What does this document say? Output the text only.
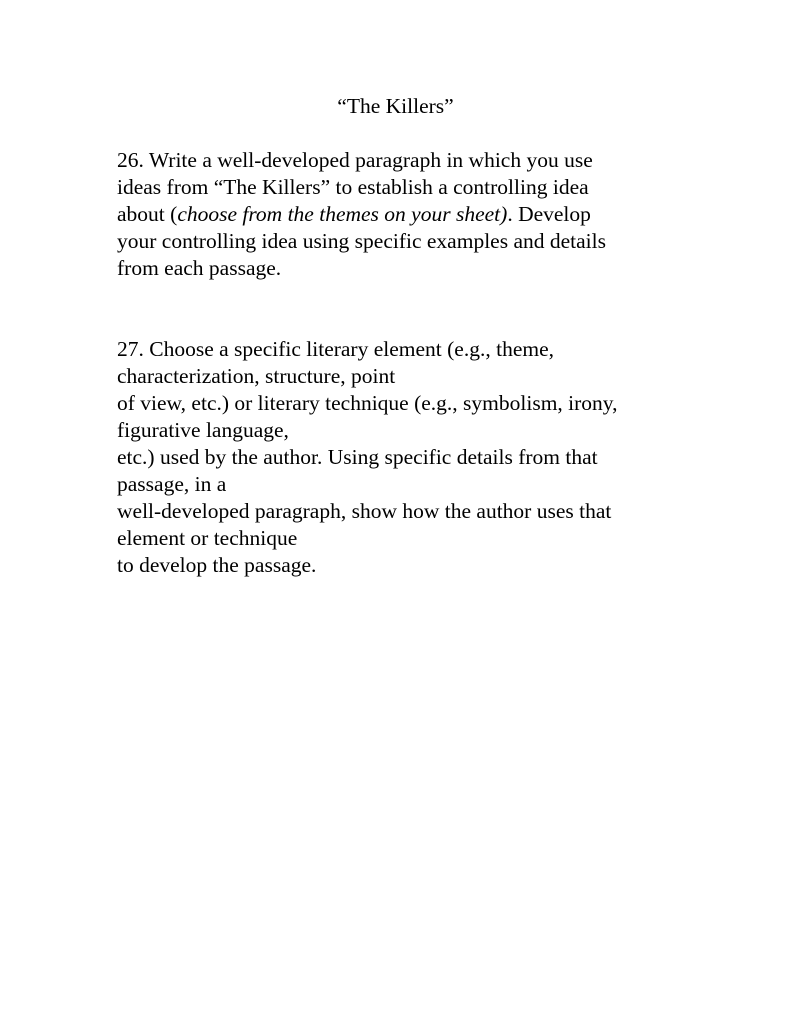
“The Killers”
26. Write a well-developed paragraph in which you use
ideas from “The Killers” to establish a controlling idea
about (choose from the themes on your sheet). Develop
your controlling idea using specific examples and details
from each passage.
27. Choose a specific literary element (e.g., theme,
characterization, structure, point
of view, etc.) or literary technique (e.g., symbolism, irony,
figurative language,
etc.) used by the author. Using specific details from that
passage, in a
well-developed paragraph, show how the author uses that
element or technique
to develop the passage.
